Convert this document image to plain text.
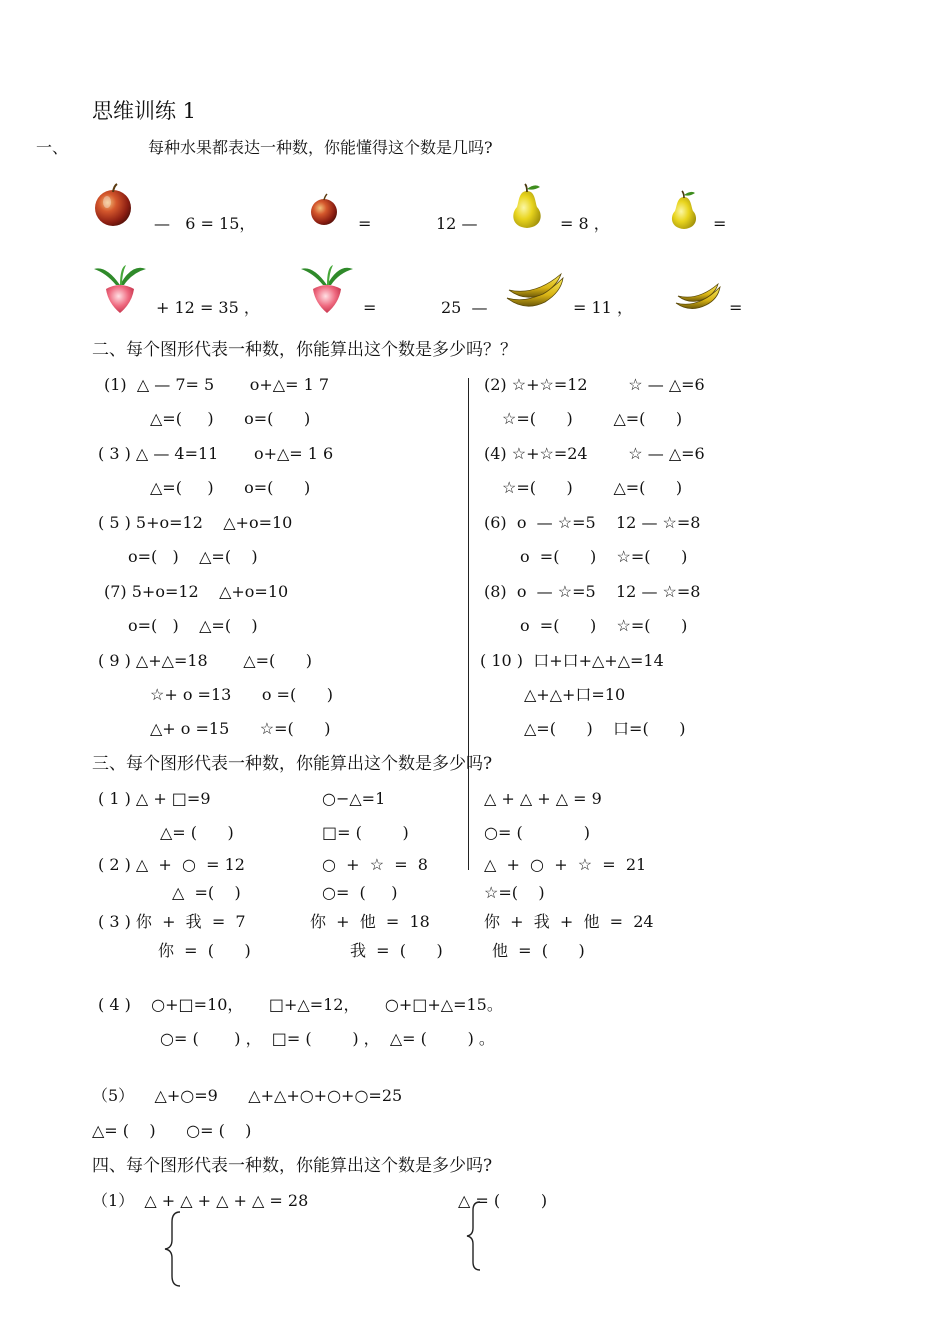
思维训练 1
一、	每种水果都表达一种数，你能懂得这个数是几吗?
—   6 = 15，	=	12 —	= 8 ，	=
+ 12 = 35 ，	=	25  —	= 11 ，	=
二、每个图形代表一种数，你能算出这个数是多少吗？？
(1)  △ — 7= 5       o+△= 1 7
△=(     )      o=(      )
( 3 ) △ — 4=11       o+△= 1 6
△=(     )      o=(      )
( 5 ) 5+o=12    △+o=10
o=(   )    △=(    )
(7) 5+o=12    △+o=10
o=(   )    △=(    )
( 9 ) △+△=18       △=(      )
☆+ o =13      o =(      )
△+ o =15      ☆=(      )
(2) ☆+☆=12        ☆ — △=6
☆=(      )        △=(      )
(4) ☆+☆=24        ☆ — △=6
☆=(      )        △=(      )
(6)  o  — ☆=5    12 — ☆=8
o  =(      )    ☆=(      )
(8)  o  — ☆=5    12 — ☆=8
o  =(      )    ☆=(      )
( 10 )  口+口+△+△=14
△+△+口=10
△=(      )    口=(      )
三、每个图形代表一种数，你能算出这个数是多少吗?
( 1 ) △ + □=9	○−△=1	△ + △ + △ = 9
△= (      )	□= (        )	○= (            )
( 2 ) △  +  ○  = 12	○  +  ☆  =  8	△  +  ○  +  ☆  =  21
△  =(    )	○=  (     )	☆=(    )
( 3 ) 你  +  我  =  7	你  +  他  =  18	你  +  我  +  他  =  24
你  =  (      )	我  =  (      )	他  =  (      )
( 4 )    ○+□=10，     □+△=12，     ○+□+△=15。
○= (       ) ，  □= (        ) ，  △= (        ) 。
（5）    △+○=9      △+△+○+○+○=25
△= (    )      ○= (    )
四、每个图形代表一种数，你能算出这个数是多少吗?
（1）  △ + △ + △ + △ = 28	△ = (        )
